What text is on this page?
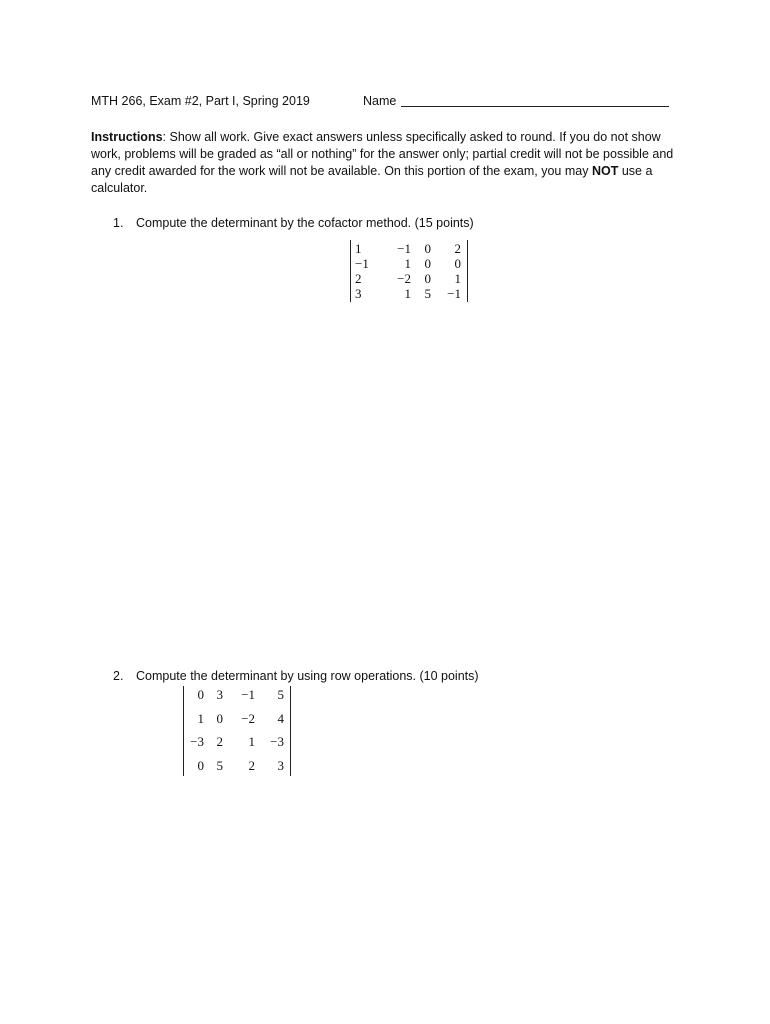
MTH 266, Exam #2, Part I, Spring 2019	Name
Instructions: Show all work. Give exact answers unless specifically asked to round. If you do not show work, problems will be graded as “all or nothing” for the answer only; partial credit will not be possible and any credit awarded for the work will not be available. On this portion of the exam, you may NOT use a calculator.
1. Compute the determinant by the cofactor method. (15 points)
1	−1	0	2
−1	1	0	0
2	−2	0	1
3	1	5	−1
2. Compute the determinant by using row operations. (10 points)
0	3	−1	5
1	0	−2	4
−3	2	1	−3
0	5	2	3
